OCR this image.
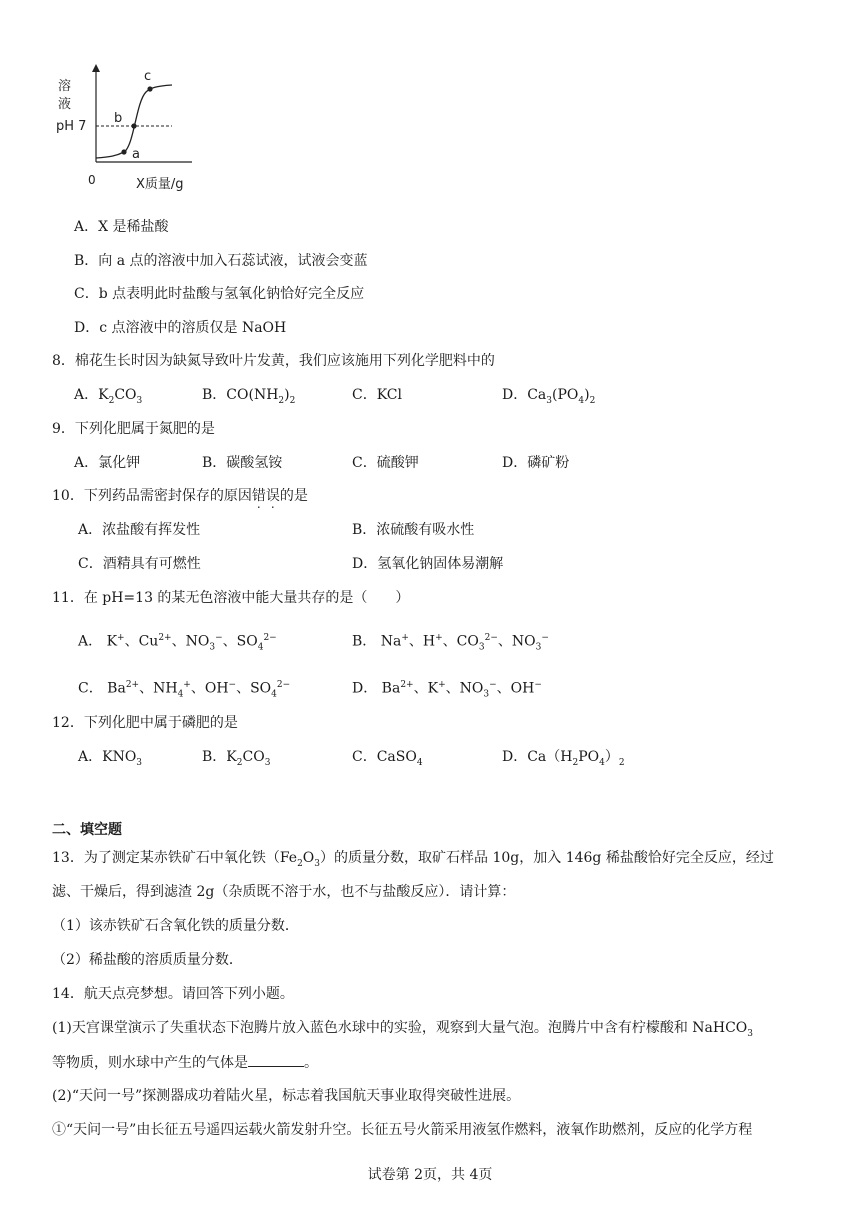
溶
液
pH 7
0	X质量/g
a
b
c
A．X 是稀盐酸
B．向 a 点的溶液中加入石蕊试液，试液会变蓝
C．b 点表明此时盐酸与氢氧化钠恰好完全反应
D．c 点溶液中的溶质仅是 NaOH
8．棉花生长时因为缺氮导致叶片发黄，我们应该施用下列化学肥料中的
A．$K_2CO_3$	B．$CO(NH_2)_2$	C．KCl	D．$Ca_3(PO_4)_2$
9．下列化肥属于氮肥的是
A．氯化钾	B．碳酸氢铵	C．硫酸钾	D．磷矿粉
10．下列药品需密封保存的原因错误的是
A．浓盐酸有挥发性	B．浓硫酸有吸水性
C．酒精具有可燃性	D．氢氧化钠固体易潮解
11．在 pH=13 的某无色溶液中能大量共存的是（　　）
A． K+、$Cu^{2+}$、$NO_3^-$、$SO_4^{2-}$	B． Na+、H+、$CO_3^{2-}$、$NO_3^-$
C． $Ba^{2+}$、$NH_4^+$、OH−、$SO_4^{2-}$	D． $Ba^{2+}$、K+、$NO_3^-$、OH−
12．下列化肥中属于磷肥的是
A．$KNO_3$	B．$K_2CO_3$	C．CaSO$_4$	D．$Ca(H_2PO_4)_2$
二、填空题
13．为了测定某赤铁矿石中氧化铁$(Fe_2O_3)$的质量分数，取矿石样品 10g，加入 146g 稀盐酸恰好完全反应，经过
滤、干燥后，得到滤渣 2g（杂质既不溶于水，也不与盐酸反应）．请计算：
（1）该赤铁矿石含氧化铁的质量分数．
（2）稀盐酸的溶质质量分数．
14．航天点亮梦想。请回答下列小题。
(1)天宫课堂演示了失重状态下泡腾片放入蓝色水球中的实验，观察到大量气泡。泡腾片中含有柠檬酸和 NaHCO$_3$
等物质，则水球中产生的气体是	。
(2)“天问一号”探测器成功着陆火星，标志着我国航天事业取得突破性进展。
①“天问一号”由长征五号遥四运载火箭发射升空。长征五号火箭采用液氢作燃料，液氧作助燃剂，反应的化学方程
试卷第 2页，共 4页
